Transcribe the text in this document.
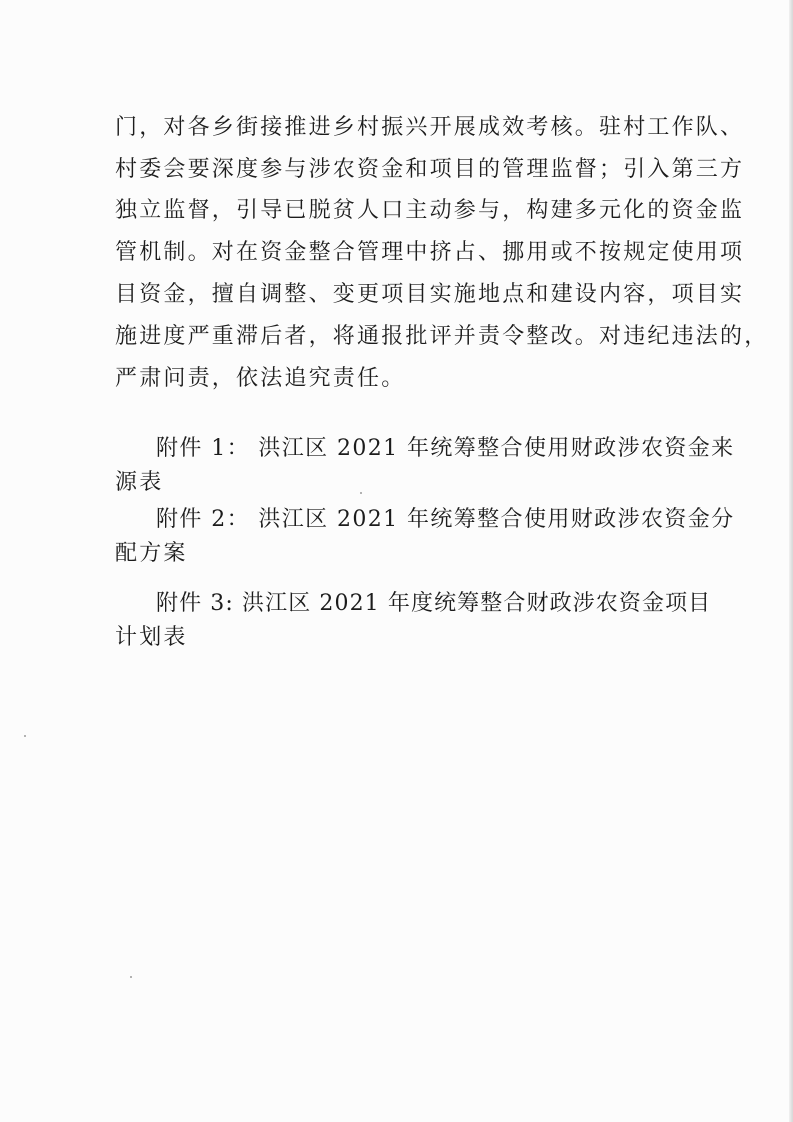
门，对各乡街接推进乡村振兴开展成效考核。驻村工作队、
村委会要深度参与涉农资金和项目的管理监督；引入第三方
独立监督，引导已脱贫人口主动参与，构建多元化的资金监
管机制。对在资金整合管理中挤占、挪用或不按规定使用项
目资金，擅自调整、变更项目实施地点和建设内容，项目实
施进度严重滞后者，将通报批评并责令整改。对违纪违法的，
严肃问责，依法追究责任。
附件 1： 洪江区 2021 年统筹整合使用财政涉农资金来
源表
附件 2： 洪江区 2021 年统筹整合使用财政涉农资金分
配方案
附件 3: 洪江区 2021 年度统筹整合财政涉农资金项目
计划表
